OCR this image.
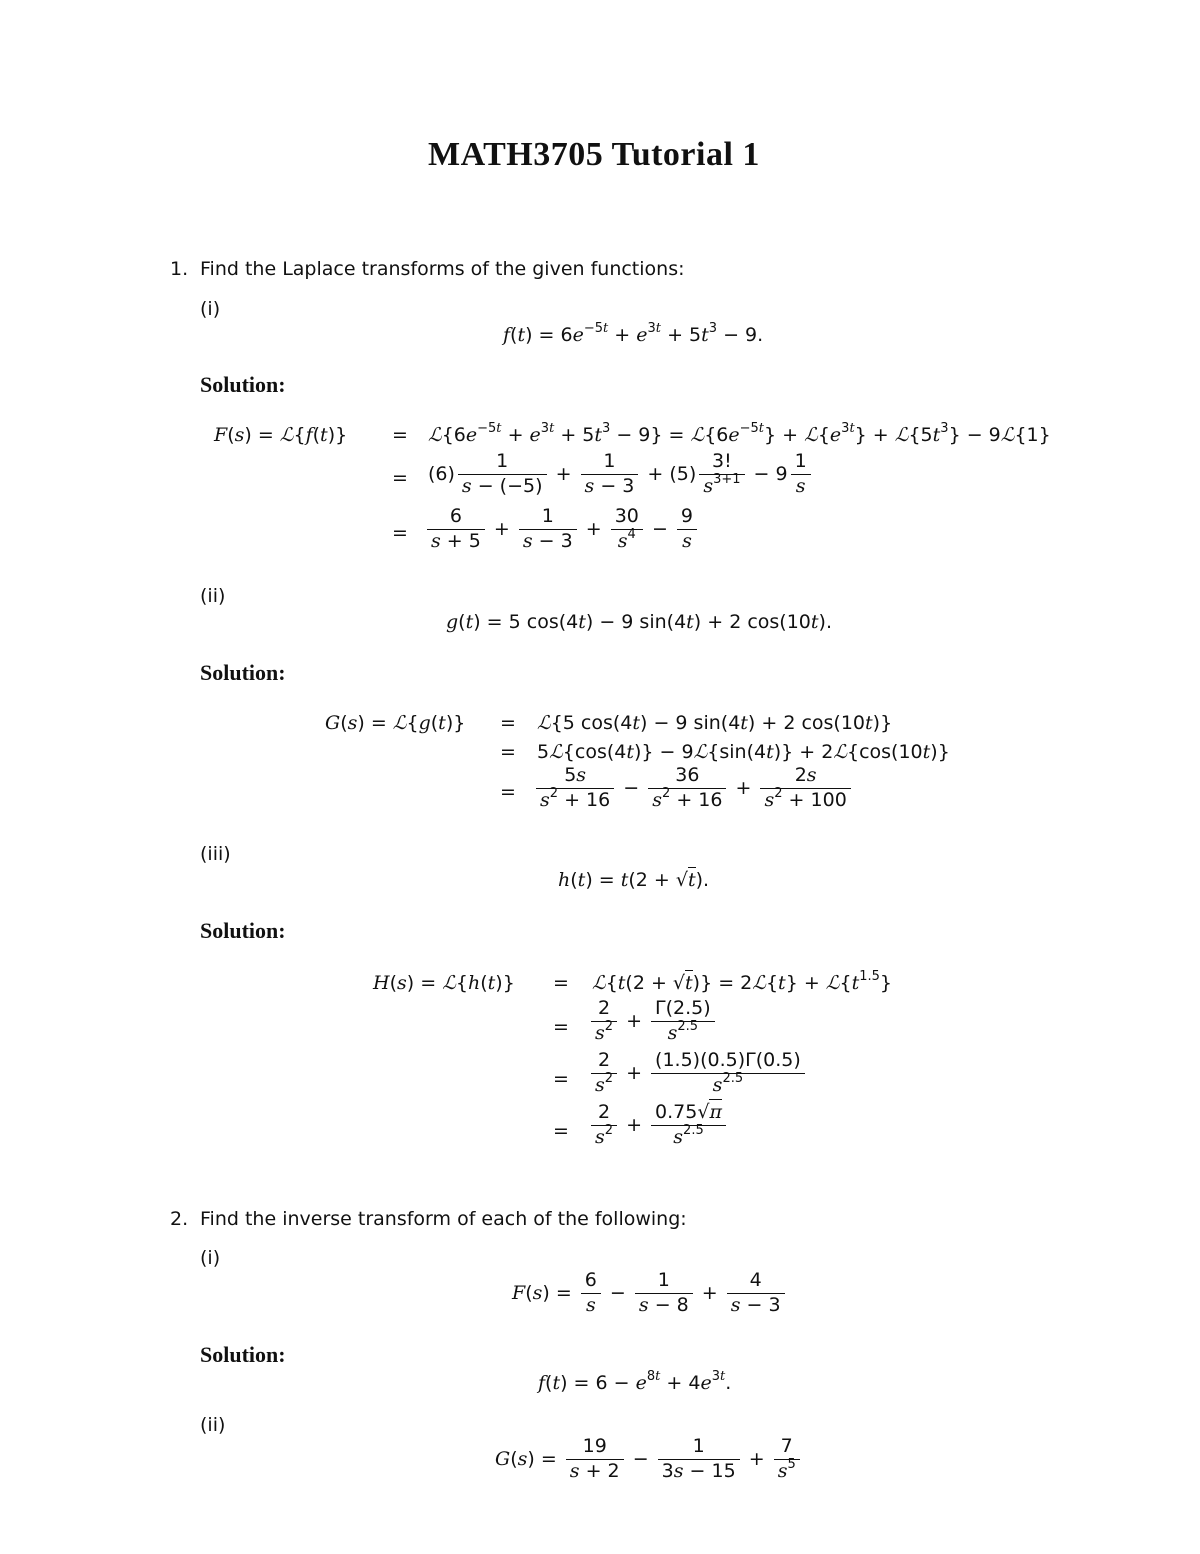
MATH3705 Tutorial 1
1. Find the Laplace transforms of the given functions:
(i)
$f(t) = 6e^{-5t} + e^{3t} + 5t^3 - 9$.
Solution:
F(s) = ℒ{f(t)} = $ℒ\{6e^{-5t} + e^{3t} + 5t^3 - 9\}$ = $ℒ\{6e^{-5t}\}$ + $ℒ\{e^{3t}\}$ + $ℒ\{5t^3\}$ − 9ℒ{1}
= $(6) \frac{1}{s - (-5)} + \frac{1}{s - 3} + (5) \frac{3!}{s^{3+1}} - 9 \frac{1}{s}$
= $\frac{6}{s + 5} + \frac{1}{s - 3} + \frac{30}{s^4} - \frac{9}{s}$
(ii)
g(t) = 5 cos(4t) − 9 sin(4t) + 2 cos(10t).
Solution:
G(s) = ℒ{g(t)} = ℒ{5 cos(4t) − 9 sin(4t) + 2 cos(10t)}
= 5ℒ{cos(4t)} − 9ℒ{sin(4t)} + 2ℒ{cos(10t)}
= $\frac{5s}{s^2 + 16} - \frac{36}{s^2 + 16} + \frac{2s}{s^2 + 100}$
(iii)
h(t) = t(2 + √t).
Solution:
H(s) = ℒ{h(t)} = ℒ{t(2 + √t)} = 2ℒ{t} + $ℒ\{t^{1.5}\}$
= $\frac{2}{s^2} + \frac{\Gamma(2.5)}{s^{2.5}}$
= $\frac{2}{s^2} + \frac{(1.5)(0.5)\Gamma(0.5)}{s^{2.5}}$
= $\frac{2}{s^2} + \frac{0.75√\pi}{s^{2.5}}$
2. Find the inverse transform of each of the following:
(i)
$F(s) = \frac{6}{s} - \frac{1}{s - 8} + \frac{4}{s - 3}$
Solution:
$f(t) = 6 - e^{8t} + 4e^{3t}$.
(ii)
$G(s) = \frac{19}{s + 2} - \frac{1}{3s - 15} + \frac{7}{s^5}$
